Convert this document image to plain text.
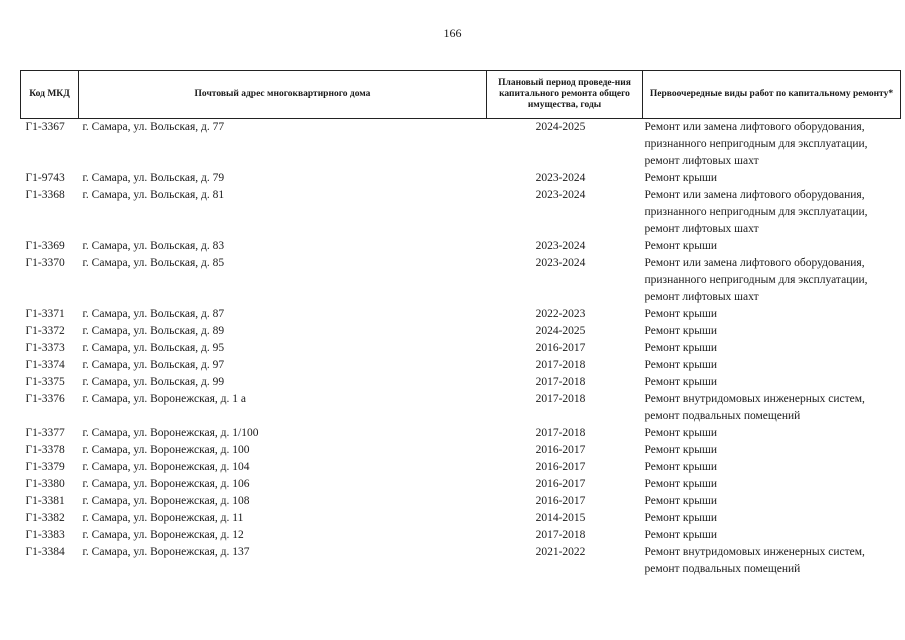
166
Код МКД	Почтовый адрес многоквартирного дома	Плановый период проведе-ния капитального ремонта общего имущества, годы	Первоочередные виды работ по капитальному ремонту*
Г1-3367	г. Самара, ул. Вольская, д. 77	2024-2025	Ремонт или замена лифтового оборудования,
признанного непригодным для эксплуатации,
ремонт лифтовых шахт

Г1-9743	г. Самара, ул. Вольская, д. 79	2023-2024	Ремонт крыши

Г1-3368	г. Самара, ул. Вольская, д. 81	2023-2024	Ремонт или замена лифтового оборудования,
признанного непригодным для эксплуатации,
ремонт лифтовых шахт

Г1-3369	г. Самара, ул. Вольская, д. 83	2023-2024	Ремонт крыши

Г1-3370	г. Самара, ул. Вольская, д. 85	2023-2024	Ремонт или замена лифтового оборудования,
признанного непригодным для эксплуатации,
ремонт лифтовых шахт

Г1-3371	г. Самара, ул. Вольская, д. 87	2022-2023	Ремонт крыши

Г1-3372	г. Самара, ул. Вольская, д. 89	2024-2025	Ремонт крыши

Г1-3373	г. Самара, ул. Вольская, д. 95	2016-2017	Ремонт крыши

Г1-3374	г. Самара, ул. Вольская, д. 97	2017-2018	Ремонт крыши

Г1-3375	г. Самара, ул. Вольская, д. 99	2017-2018	Ремонт крыши

Г1-3376	г. Самара, ул. Воронежская, д. 1 а	2017-2018	Ремонт внутридомовых инженерных систем,
ремонт подвальных помещений

Г1-3377	г. Самара, ул. Воронежская, д. 1/100	2017-2018	Ремонт крыши

Г1-3378	г. Самара, ул. Воронежская, д. 100	2016-2017	Ремонт крыши

Г1-3379	г. Самара, ул. Воронежская, д. 104	2016-2017	Ремонт крыши

Г1-3380	г. Самара, ул. Воронежская, д. 106	2016-2017	Ремонт крыши

Г1-3381	г. Самара, ул. Воронежская, д. 108	2016-2017	Ремонт крыши

Г1-3382	г. Самара, ул. Воронежская, д. 11	2014-2015	Ремонт крыши

Г1-3383	г. Самара, ул. Воронежская, д. 12	2017-2018	Ремонт крыши

Г1-3384	г. Самара, ул. Воронежская, д. 137	2021-2022	Ремонт внутридомовых инженерных систем,
ремонт подвальных помещений
